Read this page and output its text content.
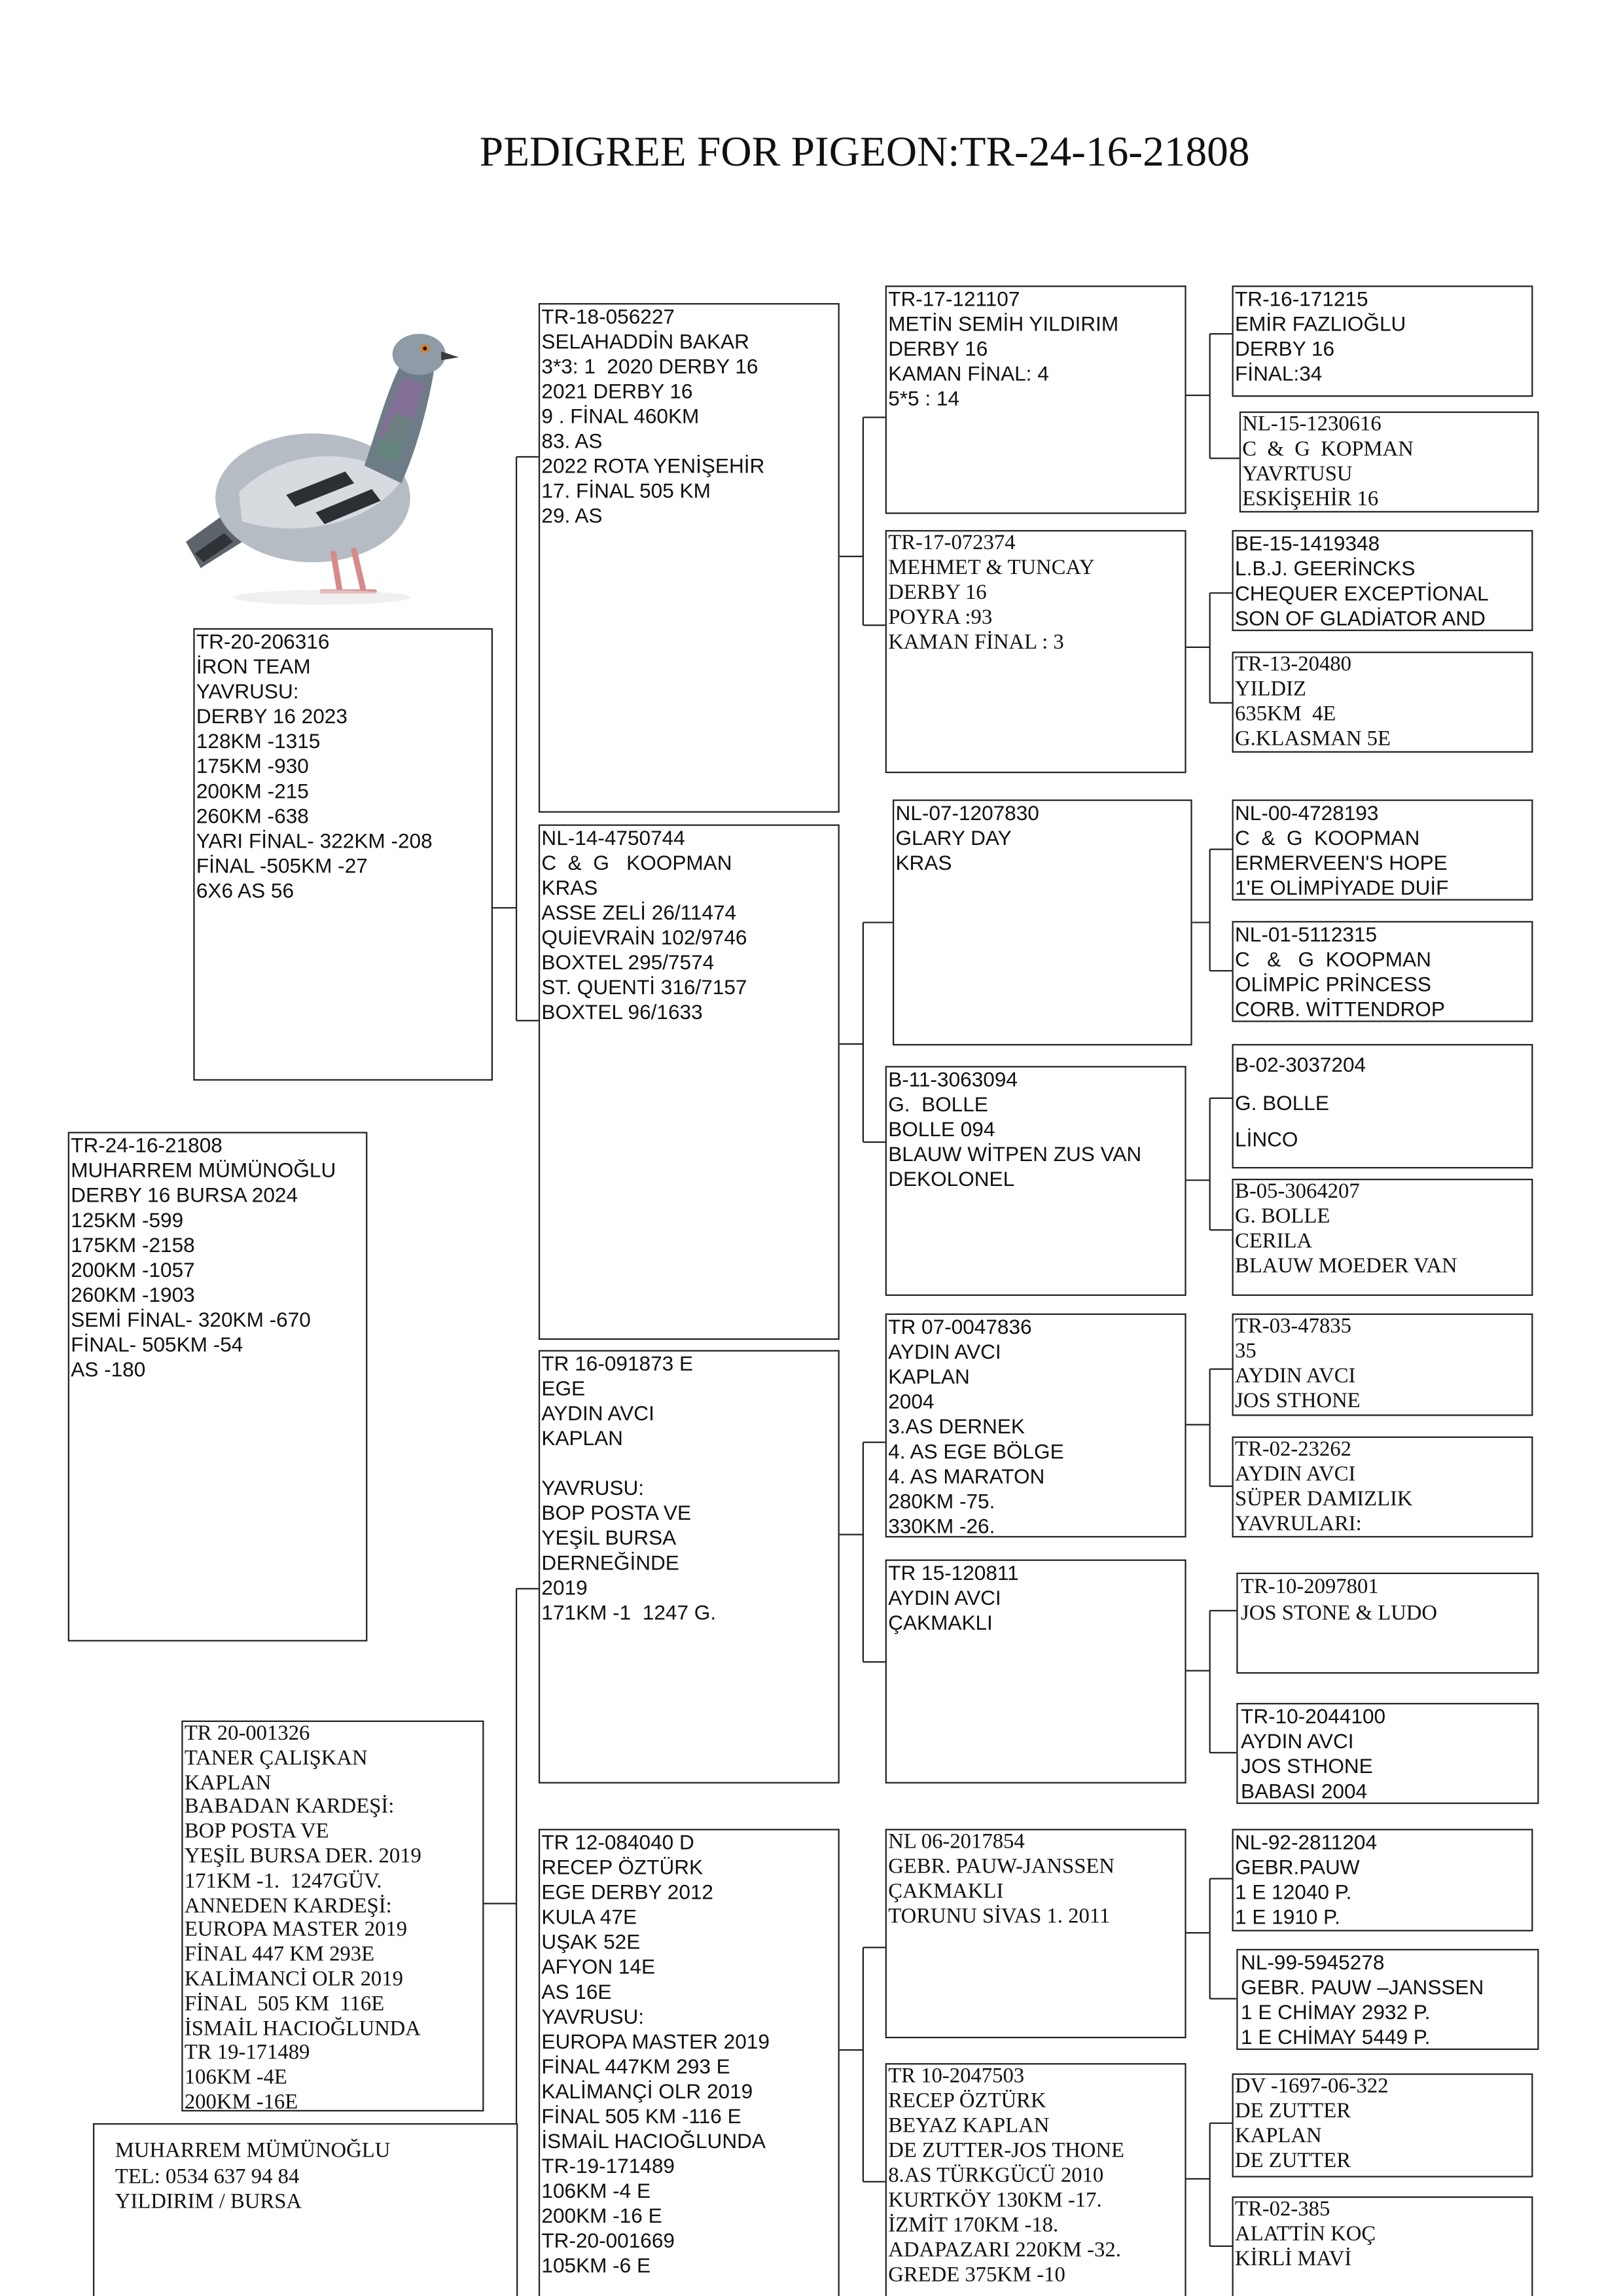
PEDIGREE FOR PIGEON:TR-24-16-21808
TR-24-16-21808
MUHARREM MÜMÜNOĞLU
DERBY 16 BURSA 2024
125KM -599
175KM -2158
200KM -1057
260KM -1903
SEMİ FİNAL- 320KM -670
FİNAL- 505KM -54
AS -180
TR-20-206316
İRON TEAM
YAVRUSU:
DERBY 16 2023
128KM -1315
175KM -930
200KM -215
260KM -638
YARI FİNAL- 322KM -208
FİNAL -505KM -27
6X6 AS 56
TR 20-001326
TANER ÇALIŞKAN
KAPLAN
BABADAN KARDEŞİ:
BOP POSTA VE
YEŞİL BURSA DER. 2019
171KM -1.  1247GÜV.
ANNEDEN KARDEŞİ:
EUROPA MASTER 2019
FİNAL 447 KM 293E
KALİMANCİ OLR 2019
FİNAL  505 KM  116E
İSMAİL HACIOĞLUNDA
TR 19-171489
106KM -4E
200KM -16E
MUHARREM MÜMÜNOĞLU
TEL: 0534 637 94 84
YILDIRIM / BURSA
TR-18-056227
SELAHADDİN BAKAR
3*3: 1  2020 DERBY 16
2021 DERBY 16
9 . FİNAL 460KM
83. AS
2022 ROTA YENİŞEHİR
17. FİNAL 505 KM
29. AS
NL-14-4750744
C  &  G   KOOPMAN
KRAS
ASSE ZELİ 26/11474
QUİEVRAİN 102/9746
BOXTEL 295/7574
ST. QUENTİ 316/7157
BOXTEL 96/1633
TR 16-091873 E
EGE
AYDIN AVCI
KAPLAN
YAVRUSU:
BOP POSTA VE
YEŞİL BURSA
DERNEĞİNDE
2019
171KM -1  1247 G.
TR 12-084040 D
RECEP ÖZTÜRK
EGE DERBY 2012
KULA 47E
UŞAK 52E
AFYON 14E
AS 16E
YAVRUSU:
EUROPA MASTER 2019
FİNAL 447KM 293 E
KALİMANÇİ OLR 2019
FİNAL 505 KM -116 E
İSMAİL HACIOĞLUNDA
TR-19-171489
106KM -4 E
200KM -16 E
TR-20-001669
105KM -6 E
TR-17-121107
METİN SEMİH YILDIRIM
DERBY 16
KAMAN FİNAL: 4
5*5 : 14
TR-17-072374
MEHMET & TUNCAY
DERBY 16
POYRA :93
KAMAN FİNAL : 3
NL-07-1207830
GLARY DAY
KRAS
B-11-3063094
G.  BOLLE
BOLLE 094
BLAUW WİTPEN ZUS VAN
DEKOLONEL
TR 07-0047836
AYDIN AVCI
KAPLAN
2004
3.AS DERNEK
4. AS EGE BÖLGE
4. AS MARATON
280KM -75.
330KM -26.
TR 15-120811
AYDIN AVCI
ÇAKMAKLI
NL 06-2017854
GEBR. PAUW-JANSSEN
ÇAKMAKLI
TORUNU SİVAS 1. 2011
TR 10-2047503
RECEP ÖZTÜRK
BEYAZ KAPLAN
DE ZUTTER-JOS THONE
8.AS TÜRKGÜCÜ 2010
KURTKÖY 130KM -17.
İZMİT 170KM -18.
ADAPAZARI 220KM -32.
GREDE 375KM -10
TR-16-171215
EMİR FAZLIOĞLU
DERBY 16
FİNAL:34
NL-15-1230616
C  &  G  KOPMAN
YAVRTUSU
ESKİŞEHİR 16
BE-15-1419348
L.B.J. GEERİNCKS
CHEQUER EXCEPTİONAL
SON OF GLADİATOR AND
TR-13-20480
YILDIZ
635KM  4E
G.KLASMAN 5E
NL-00-4728193
C  &  G  KOOPMAN
ERMERVEEN'S HOPE
1'E OLİMPİYADE DUİF
NL-01-5112315
C   &   G  KOOPMAN
OLİMPİC PRİNCESS
CORB. WİTTENDROP
B-02-3037204
G. BOLLE
LİNCO
B-05-3064207
G. BOLLE
CERILA
BLAUW MOEDER VAN
TR-03-47835
35
AYDIN AVCI
JOS STHONE
TR-02-23262
AYDIN AVCI
SÜPER DAMIZLIK
YAVRULARI:
TR-10-2097801
JOS STONE & LUDO
TR-10-2044100
AYDIN AVCI
JOS STHONE
BABASI 2004
NL-92-2811204
GEBR.PAUW
1 E 12040 P.
1 E 1910 P.
NL-99-5945278
GEBR. PAUW –JANSSEN
1 E CHİMAY 2932 P.
1 E CHİMAY 5449 P.
DV -1697-06-322
DE ZUTTER
KAPLAN
DE ZUTTER
TR-02-385
ALATTİN KOÇ
KİRLİ MAVİ
